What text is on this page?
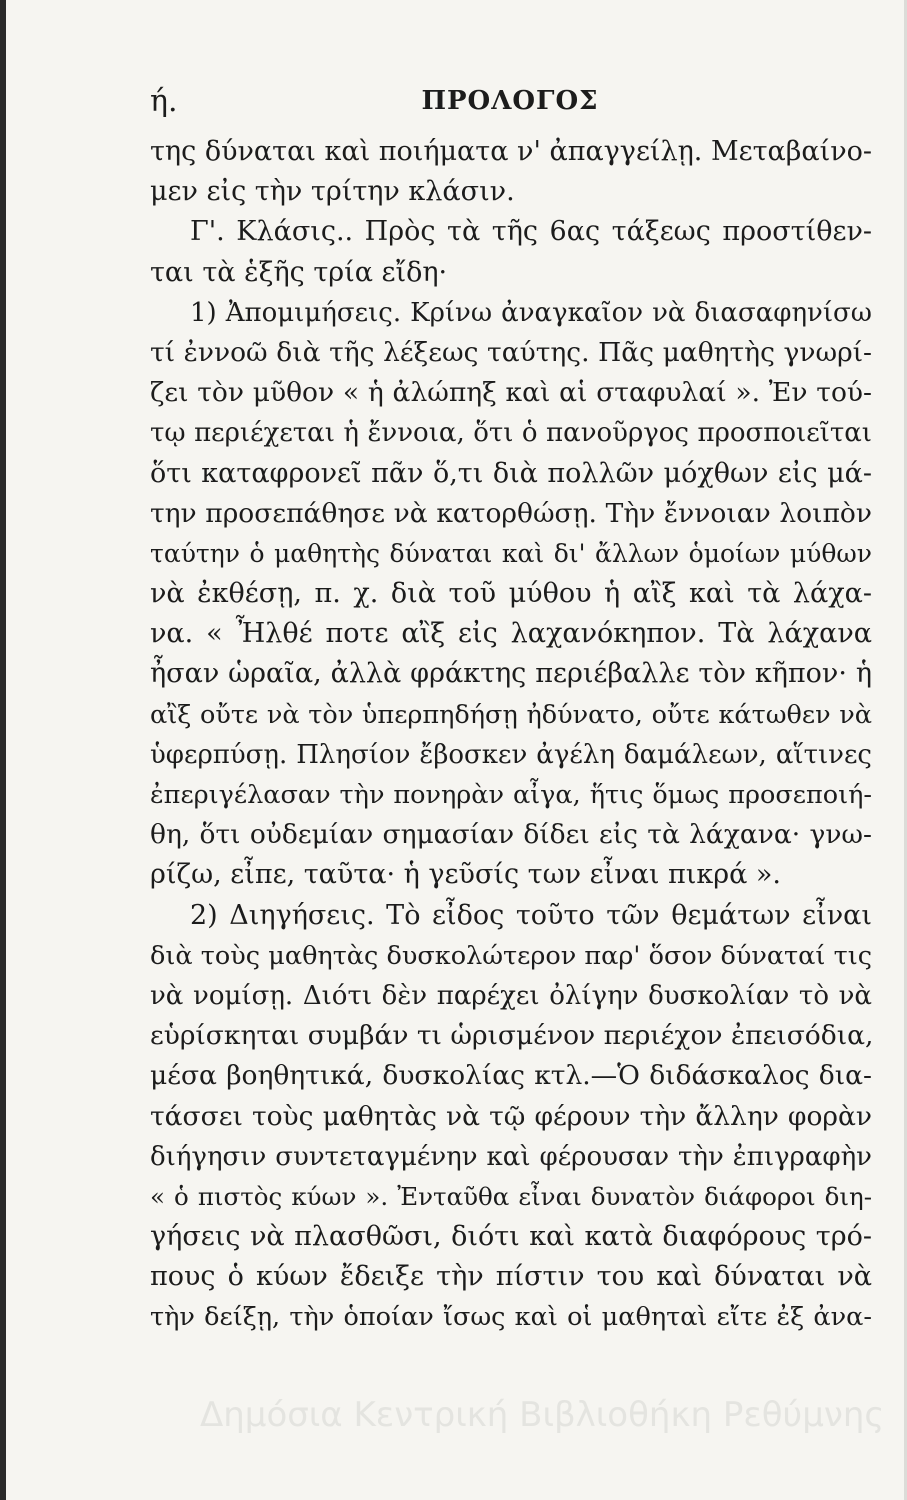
ή.	ΠΡΟΛΟΓΟΣ
της δύναται καὶ ποιήματα ν' ἀπαγγείλῃ. Μεταβαίνο-
μεν εἰς τὴν τρίτην κλάσιν.
Γ'. Κλάσις.. Πρὸς τὰ τῆς 6ας τάξεως προστίθεν-
ται τὰ ἑξῆς τρία εἴδη·
1) Ἀπομιμήσεις. Κρίνω ἀναγκαῖον νὰ διασαφηνίσω
τί ἐννοῶ διὰ τῆς λέξεως ταύτης. Πᾶς μαθητὴς γνωρί-
ζει τὸν μῦθον « ἡ ἀλώπηξ καὶ αἱ σταφυλαί ». Ἐν τού-
τῳ περιέχεται ἡ ἔννοια, ὅτι ὁ πανοῦργος προσποιεῖται
ὅτι καταφρονεῖ πᾶν ὅ,τι διὰ πολλῶν μόχθων εἰς μά-
την προσεπάθησε νὰ κατορθώσῃ. Τὴν ἔννοιαν λοιπὸν
ταύτην ὁ μαθητὴς δύναται καὶ δι' ἄλλων ὁμοίων μύθων
νὰ ἐκθέσῃ, π. χ. διὰ τοῦ μύθου ἡ αἲξ καὶ τὰ λάχα-
να. « Ἦλθέ ποτε αἲξ εἰς λαχανόκηπον. Τὰ λάχανα
ἦσαν ὡραῖα, ἀλλὰ φράκτης περιέβαλλε τὸν κῆπον· ἡ
αἲξ οὔτε νὰ τὸν ὑπερπηδήσῃ ἠδύνατο, οὔτε κάτωθεν νὰ
ὑφερπύσῃ. Πλησίον ἔβοσκεν ἀγέλη δαμάλεων, αἵτινες
ἐπεριγέλασαν τὴν πονηρὰν αἶγα, ἥτις ὅμως προσεποιή-
θη, ὅτι οὐδεμίαν σημασίαν δίδει εἰς τὰ λάχανα· γνω-
ρίζω, εἶπε, ταῦτα· ἡ γεῦσίς των εἶναι πικρά ».
2) Διηγήσεις. Τὸ εἶδος τοῦτο τῶν θεμάτων εἶναι
διὰ τοὺς μαθητὰς δυσκολώτερον παρ' ὅσον δύναταί τις
νὰ νομίσῃ. Διότι δὲν παρέχει ὀλίγην δυσκολίαν τὸ νὰ
εὑρίσκηται συμβάν τι ὡρισμένον περιέχον ἐπεισόδια,
μέσα βοηθητικά, δυσκολίας κτλ.—Ὁ διδάσκαλος δια-
τάσσει τοὺς μαθητὰς νὰ τῷ φέρουν τὴν ἄλλην φορὰν
διήγησιν συντεταγμένην καὶ φέρουσαν τὴν ἐπιγραφὴν
« ὁ πιστὸς κύων ». Ἐνταῦθα εἶναι δυνατὸν διάφοροι διη-
γήσεις νὰ πλασθῶσι, διότι καὶ κατὰ διαφόρους τρό-
πους ὁ κύων ἔδειξε τὴν πίστιν του καὶ δύναται νὰ
τὴν δείξῃ, τὴν ὁποίαν ἴσως καὶ οἱ μαθηταὶ εἴτε ἐξ ἀνα-
Δημόσια Κεντρική Βιβλιοθήκη Ρεθύμνης
